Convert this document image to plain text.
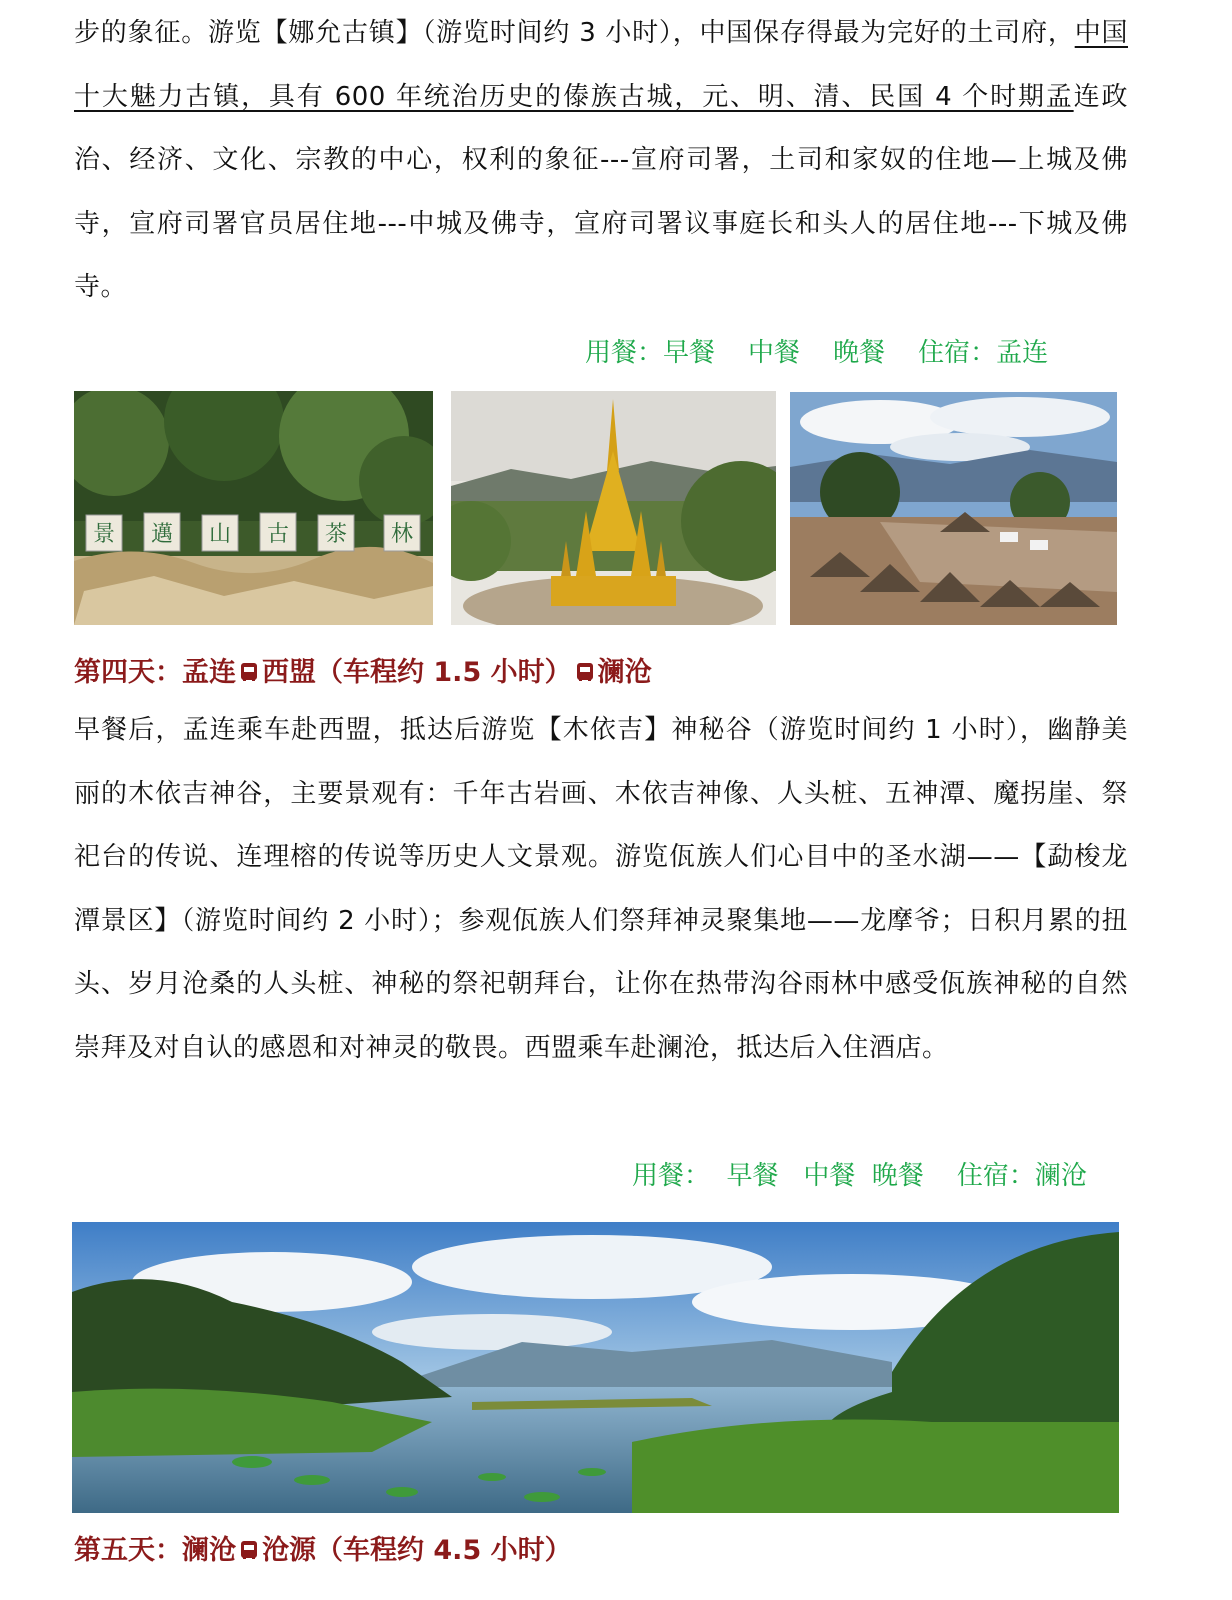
步的象征。游览【娜允古镇】（游览时间约 3 小时），中国保存得最为完好的土司府，中国十大魅力古镇，具有 600 年统治历史的傣族古城，元、明、清、民国 4 个时期孟连政治、经济、文化、宗教的中心，权利的象征---宣府司署，土司和家奴的住地—上城及佛寺，宣府司署官员居住地---中城及佛寺，宣府司署议事庭长和头人的居住地---下城及佛寺。
用餐：早餐    中餐    晚餐    住宿：孟连
景 邁 山 古 茶 林
第四天：孟连 西盟（车程约 1.5 小时） 澜沧
早餐后，孟连乘车赴西盟，抵达后游览【木依吉】神秘谷（游览时间约 1 小时），幽静美丽的木依吉神谷，主要景观有：千年古岩画、木依吉神像、人头桩、五神潭、魔拐崖、祭祀台的传说、连理榕的传说等历史人文景观。游览佤族人们心目中的圣水湖——【勐梭龙潭景区】（游览时间约 2 小时）；参观佤族人们祭拜神灵聚集地——龙摩爷；日积月累的扭头、岁月沧桑的人头桩、神秘的祭祀朝拜台，让你在热带沟谷雨林中感受佤族神秘的自然崇拜及对自认的感恩和对神灵的敬畏。西盟乘车赴澜沧，抵达后入住酒店。
用餐：  早餐   中餐  晚餐    住宿：澜沧
第五天：澜沧 沧源（车程约 4.5 小时）
